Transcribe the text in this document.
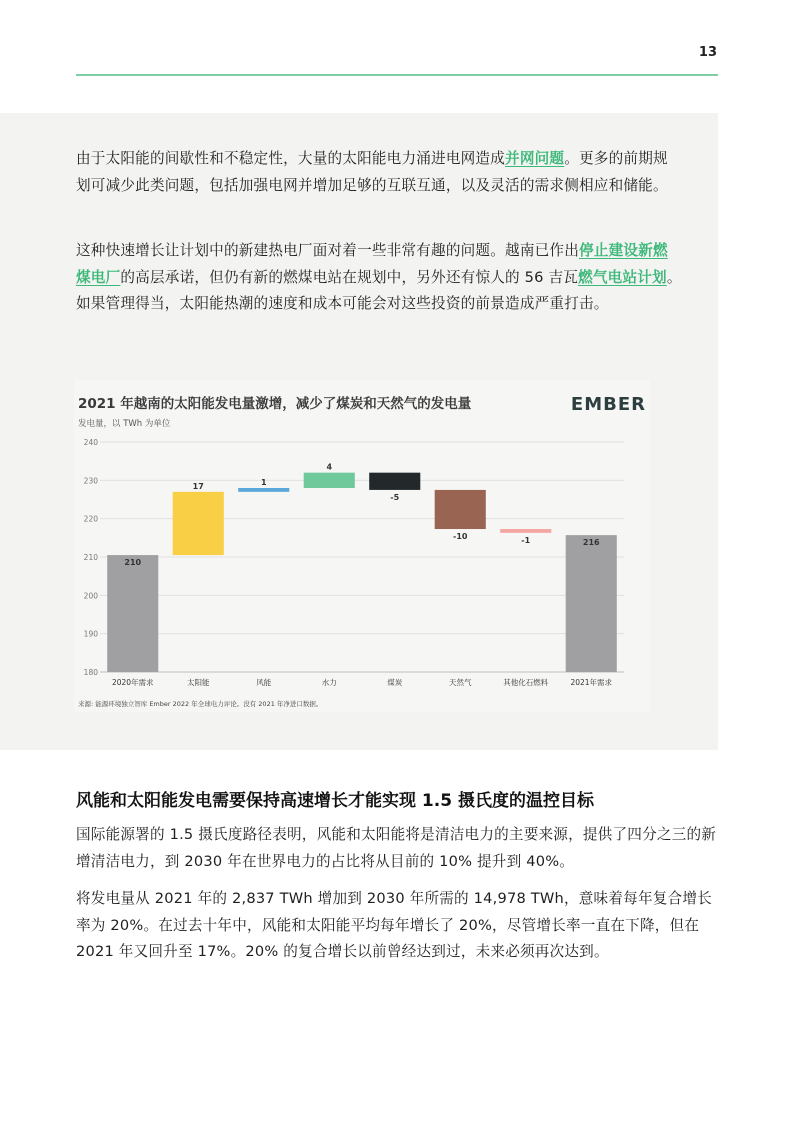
13

由于太阳能的间歇性和不稳定性，大量的太阳能电力涌进电网造成并网问题。更多的前期规划可减少此类问题，包括加强电网并增加足够的互联互通，以及灵活的需求侧相应和储能。

这种快速增长让计划中的新建热电厂面对着一些非常有趣的问题。越南已作出停止建设新燃煤电厂的高层承诺，但仍有新的燃煤电站在规划中，另外还有惊人的 56 吉瓦燃气电站计划。如果管理得当，太阳能热潮的速度和成本可能会对这些投资的前景造成严重打击。

2021 年越南的太阳能发电量激增，减少了煤炭和天然气的发电量
发电量，以 TWh 为单位
EMBER
180
190
200
210
220
230
240
210
17	1
4
-5
-10	-1	216
2020年需求	太阳能	风能	水力	煤炭	天然气	其他化石燃料	2021年需求
来源: 能源环境独立智库 Ember 2022 年全球电力评论。没有 2021 年净进口数据。
风能和太阳能发电需要保持高速增长才能实现 1.5 摄氏度的温控目标

国际能源署的 1.5 摄氏度路径表明，风能和太阳能将是清洁电力的主要来源，提供了四分之三的新增清洁电力，到 2030 年在世界电力的占比将从目前的 10% 提升到 40%。

将发电量从 2021 年的 2,837 TWh 增加到 2030 年所需的 14,978 TWh，意味着每年复合增长率为 20%。在过去十年中，风能和太阳能平均每年增长了 20%，尽管增长率一直在下降，但在 2021 年又回升至 17%。20% 的复合增长以前曾经达到过，未来必须再次达到。
